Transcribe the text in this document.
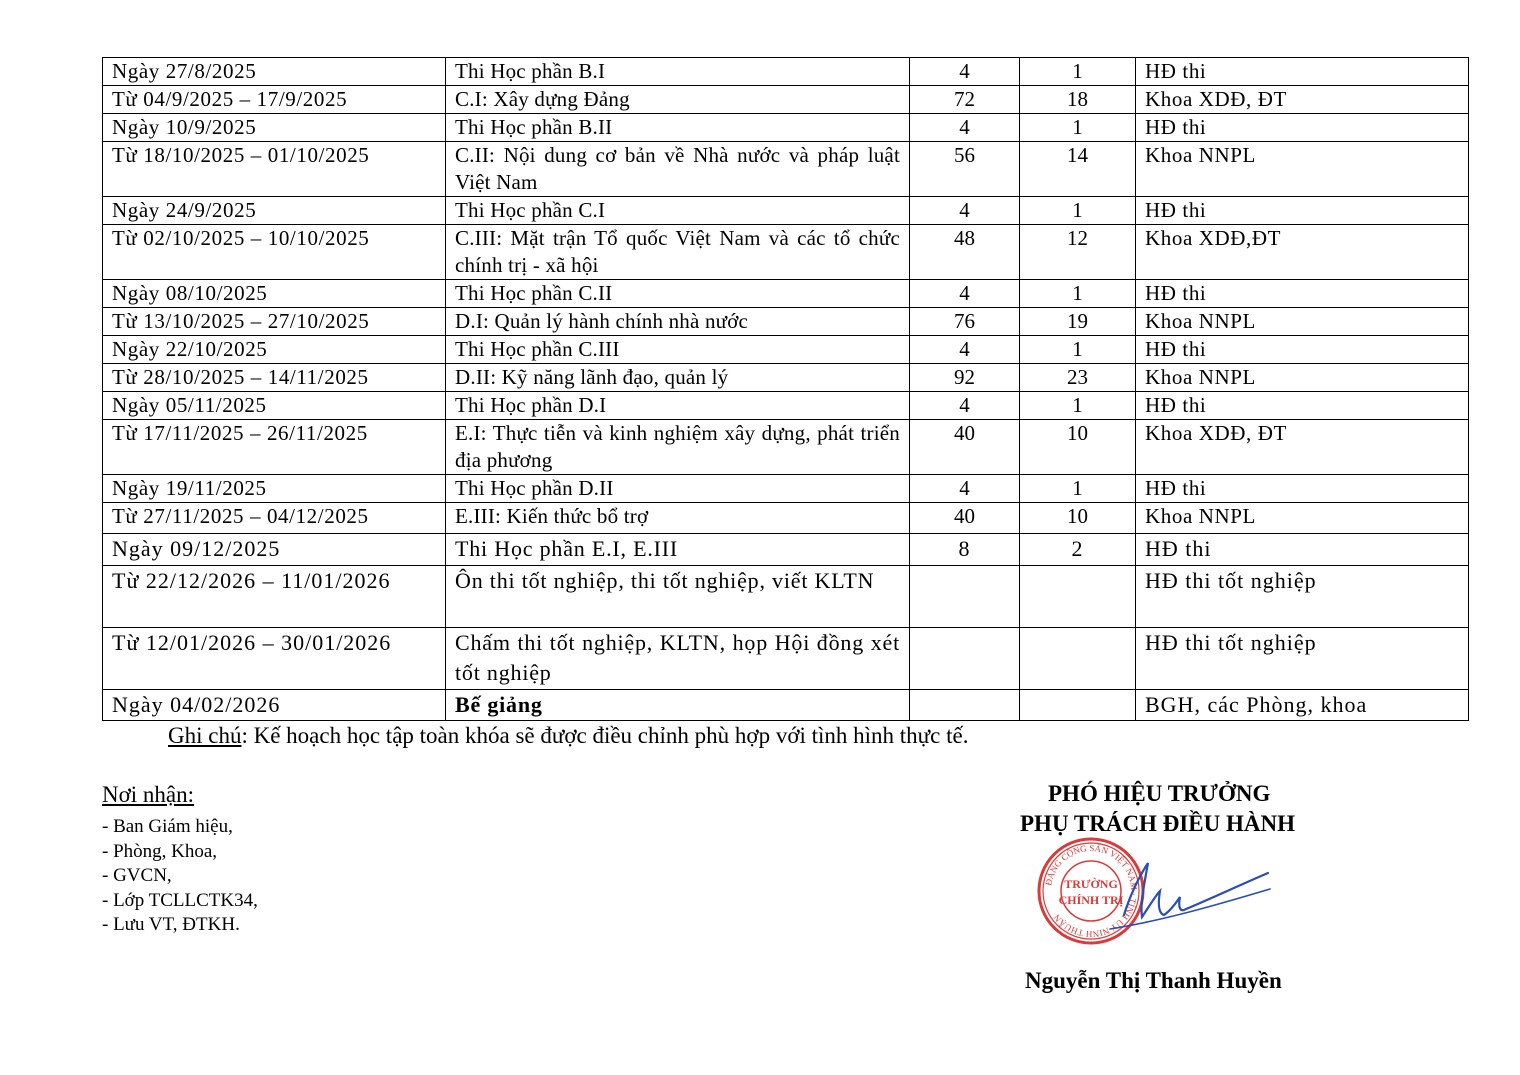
Ngày 27/8/2025	Thi Học phần B.I	4	1	HĐ thi
Từ 04/9/2025 – 17/9/2025	C.I: Xây dựng Đảng	72	18	Khoa XDĐ, ĐT
Ngày 10/9/2025	Thi Học phần B.II	4	1	HĐ thi
Từ 18/10/2025 – 01/10/2025	C.II: Nội dung cơ bản về Nhà nước và pháp luật Việt Nam	56	14	Khoa NNPL
Ngày 24/9/2025	Thi Học phần C.I	4	1	HĐ thi
Từ 02/10/2025 – 10/10/2025	C.III: Mặt trận Tổ quốc Việt Nam và các tổ chức chính trị - xã hội	48	12	Khoa XDĐ,ĐT
Ngày 08/10/2025	Thi Học phần C.II	4	1	HĐ thi
Từ 13/10/2025 – 27/10/2025	D.I: Quản lý hành chính nhà nước	76	19	Khoa NNPL
Ngày 22/10/2025	Thi Học phần C.III	4	1	HĐ thi
Từ 28/10/2025 – 14/11/2025	D.II: Kỹ năng lãnh đạo, quản lý	92	23	Khoa NNPL
Ngày 05/11/2025	Thi Học phần D.I	4	1	HĐ thi
Từ 17/11/2025 – 26/11/2025	E.I: Thực tiễn và kinh nghiệm xây dựng, phát triển địa phương	40	10	Khoa XDĐ, ĐT
Ngày 19/11/2025	Thi Học phần D.II	4	1	HĐ thi
Từ 27/11/2025 – 04/12/2025	E.III: Kiến thức bổ trợ	40	10	Khoa NNPL
Ngày 09/12/2025	Thi Học phần E.I, E.III	8	2	HĐ thi
Từ 22/12/2026 – 11/01/2026	Ôn thi tốt nghiệp, thi tốt nghiệp, viết KLTN			HĐ thi tốt nghiệp
Từ 12/01/2026 – 30/01/2026	Chấm thi tốt nghiệp, KLTN, họp Hội đồng xét tốt nghiệp			HĐ thi tốt nghiệp
Ngày 04/02/2026	Bế giảng			BGH, các Phòng, khoa
Ghi chú: Kế hoạch học tập toàn khóa sẽ được điều chỉnh phù hợp với tình hình thực tế.
Nơi nhận:
- Ban Giám hiệu,
- Phòng, Khoa,
- GVCN,
- Lớp TCLLCTK34,
- Lưu VT, ĐTKH.
PHÓ HIỆU TRƯỞNG
PHỤ TRÁCH ĐIỀU HÀNH
ĐẢNG CỘNG SẢN VIỆT NAM · TỈNH ỦY NINH THUẬN
TRƯỜNG
CHÍNH TRỊ
Nguyễn Thị Thanh Huyền
